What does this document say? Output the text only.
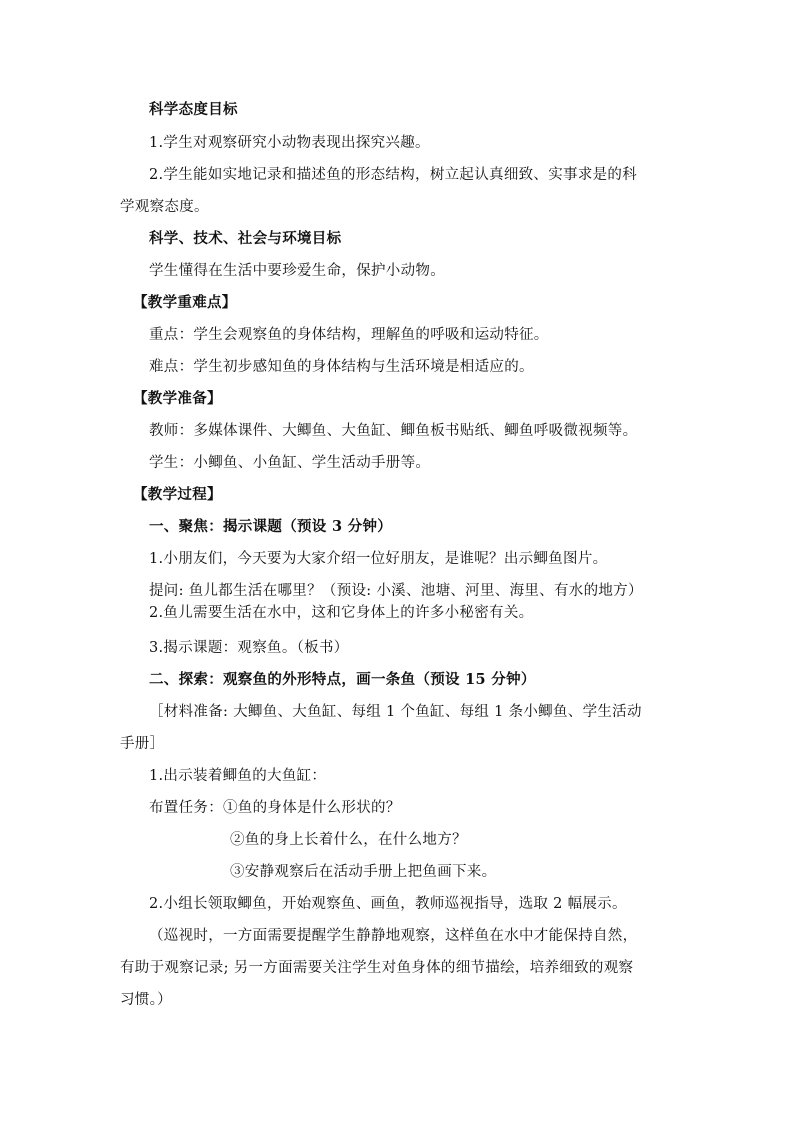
科学态度目标
1.学生对观察研究小动物表现出探究兴趣。
2.学生能如实地记录和描述鱼的形态结构，树立起认真细致、实事求是的科
学观察态度。
科学、技术、社会与环境目标
学生懂得在生活中要珍爱生命，保护小动物。
【教学重难点】
重点：学生会观察鱼的身体结构，理解鱼的呼吸和运动特征。
难点：学生初步感知鱼的身体结构与生活环境是相适应的。
【教学准备】
教师：多媒体课件、大鲫鱼、大鱼缸、鲫鱼板书贴纸、鲫鱼呼吸微视频等。
学生：小鲫鱼、小鱼缸、学生活动手册等。
【教学过程】
一、聚焦：揭示课题（预设 3 分钟）
1.小朋友们，今天要为大家介绍一位好朋友，是谁呢？出示鲫鱼图片。
提问: 鱼儿都生活在哪里？（预设: 小溪、池塘、河里、海里、有水的地方）
2.鱼儿需要生活在水中，这和它身体上的许多小秘密有关。
3.揭示课题：观察鱼。（板书）
二、探索：观察鱼的外形特点，画一条鱼（预设 15 分钟）
［材料准备: 大鲫鱼、大鱼缸、每组 1 个鱼缸、每组 1 条小鲫鱼、学生活动
手册］
1.出示装着鲫鱼的大鱼缸：
布置任务：①鱼的身体是什么形状的？
②鱼的身上长着什么，在什么地方？
③安静观察后在活动手册上把鱼画下来。
2.小组长领取鲫鱼，开始观察鱼、画鱼，教师巡视指导，选取 2 幅展示。
（巡视时，一方面需要提醒学生静静地观察，这样鱼在水中才能保持自然，
有助于观察记录; 另一方面需要关注学生对鱼身体的细节描绘，培养细致的观察
习惯。）
